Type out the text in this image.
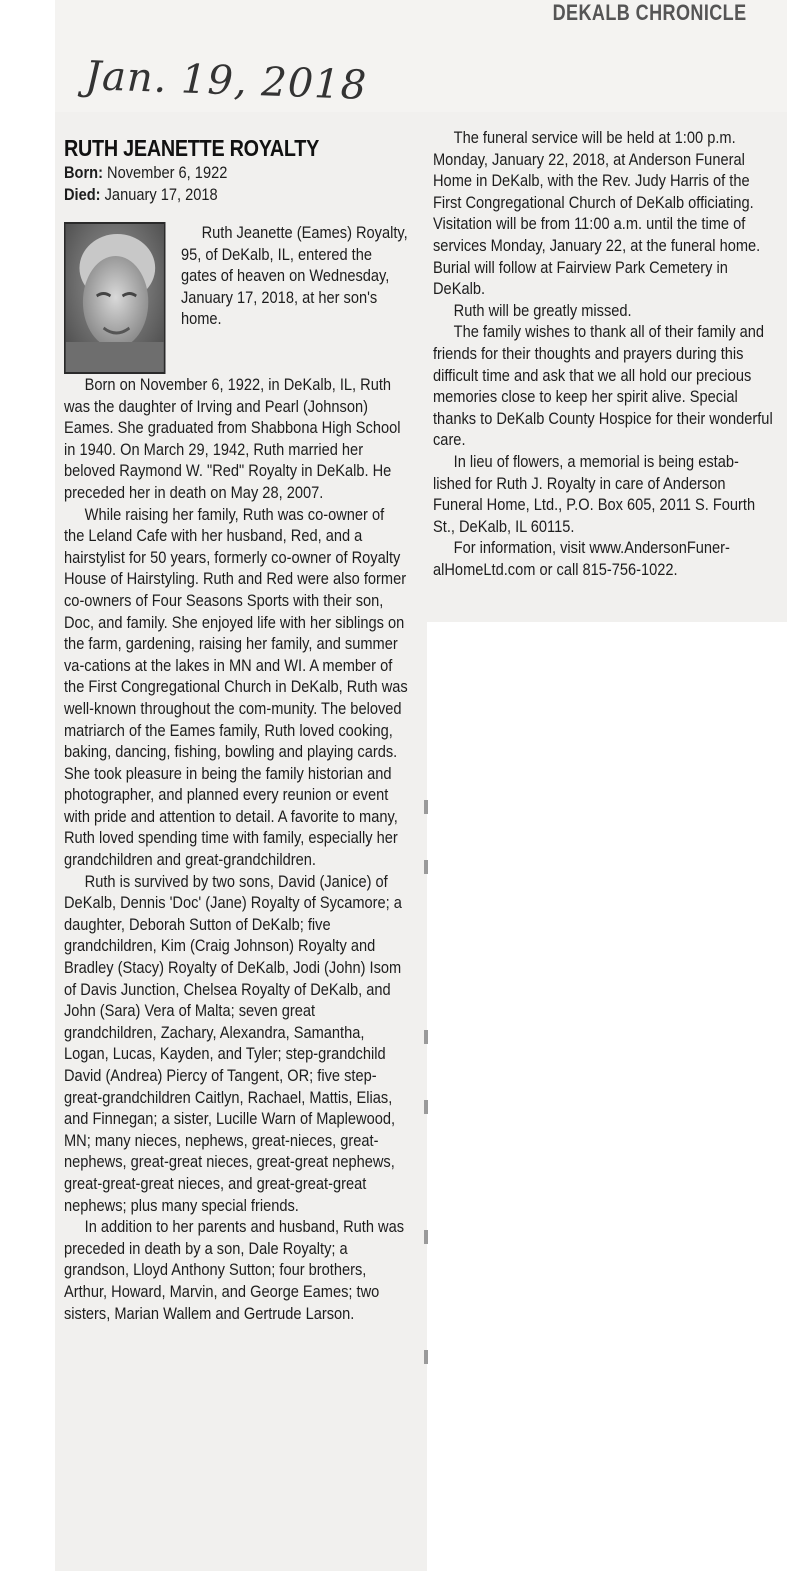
DEKALB CHRONICLE
Jan. 19, 2018

RUTH JEANETTE ROYALTY

Born: November 6, 1922

Died: January 17, 2018

Ruth Jeanette (Eames) Royalty, 95, of DeKalb, IL, entered the gates of heaven on Wednesday, January 17, 2018, at her son's home.

Born on November 6, 1922, in DeKalb, IL, Ruth was the daughter of Irving and Pearl (Johnson) Eames. She graduated from Shabbona High School in 1940. On March 29, 1942, Ruth married her beloved Raymond W. "Red" Royalty in DeKalb. He preceded her in death on May 28, 2007.

While raising her family, Ruth was co-owner of the Leland Cafe with her husband, Red, and a hairstylist for 50 years, formerly co-owner of Royalty House of Hairstyling. Ruth and Red were also former co-owners of Four Seasons Sports with their son, Doc, and family. She enjoyed life with her siblings on the farm, gardening, raising her family, and summer va-cations at the lakes in MN and WI. A member of the First Congregational Church in DeKalb, Ruth was well-known throughout the com-munity. The beloved matriarch of the Eames family, Ruth loved cooking, baking, dancing, fishing, bowling and playing cards. She took pleasure in being the family historian and photographer, and planned every reunion or event with pride and attention to detail. A favorite to many, Ruth loved spending time with family, especially her grandchildren and great-grandchildren.

Ruth is survived by two sons, David (Janice) of DeKalb, Dennis 'Doc' (Jane) Royalty of Sycamore; a daughter, Deborah Sutton of DeKalb; five grandchildren, Kim (Craig Johnson) Royalty and Bradley (Stacy) Royalty of DeKalb, Jodi (John) Isom of Davis Junction, Chelsea Royalty of DeKalb, and John (Sara) Vera of Malta; seven great grandchildren, Zachary, Alexandra, Samantha, Logan, Lucas, Kayden, and Tyler; step-grandchild David (Andrea) Piercy of Tangent, OR; five step-great-grandchildren Caitlyn, Rachael, Mattis, Elias, and Finnegan; a sister, Lucille Warn of Maplewood, MN; many nieces, nephews, great-nieces, great-nephews, great-great nieces, great-great nephews, great-great-great nieces, and great-great-great nephews; plus many special friends.

In addition to her parents and husband, Ruth was preceded in death by a son, Dale Royalty; a grandson, Lloyd Anthony Sutton; four brothers, Arthur, Howard, Marvin, and George Eames; two sisters, Marian Wallem and Gertrude Larson.

The funeral service will be held at 1:00 p.m. Monday, January 22, 2018, at Anderson Funeral Home in DeKalb, with the Rev. Judy Harris of the First Congregational Church of DeKalb officiating. Visitation will be from 11:00 a.m. until the time of services Monday, January 22, at the funeral home. Burial will follow at Fairview Park Cemetery in DeKalb.

Ruth will be greatly missed.

The family wishes to thank all of their family and friends for their thoughts and prayers during this difficult time and ask that we all hold our precious memories close to keep her spirit alive. Special thanks to DeKalb County Hospice for their wonderful care.

In lieu of flowers, a memorial is being estab-lished for Ruth J. Royalty in care of Anderson Funeral Home, Ltd., P.O. Box 605, 2011 S. Fourth St., DeKalb, IL 60115.

For information, visit www.AndersonFuner-alHomeLtd.com or call 815-756-1022.
